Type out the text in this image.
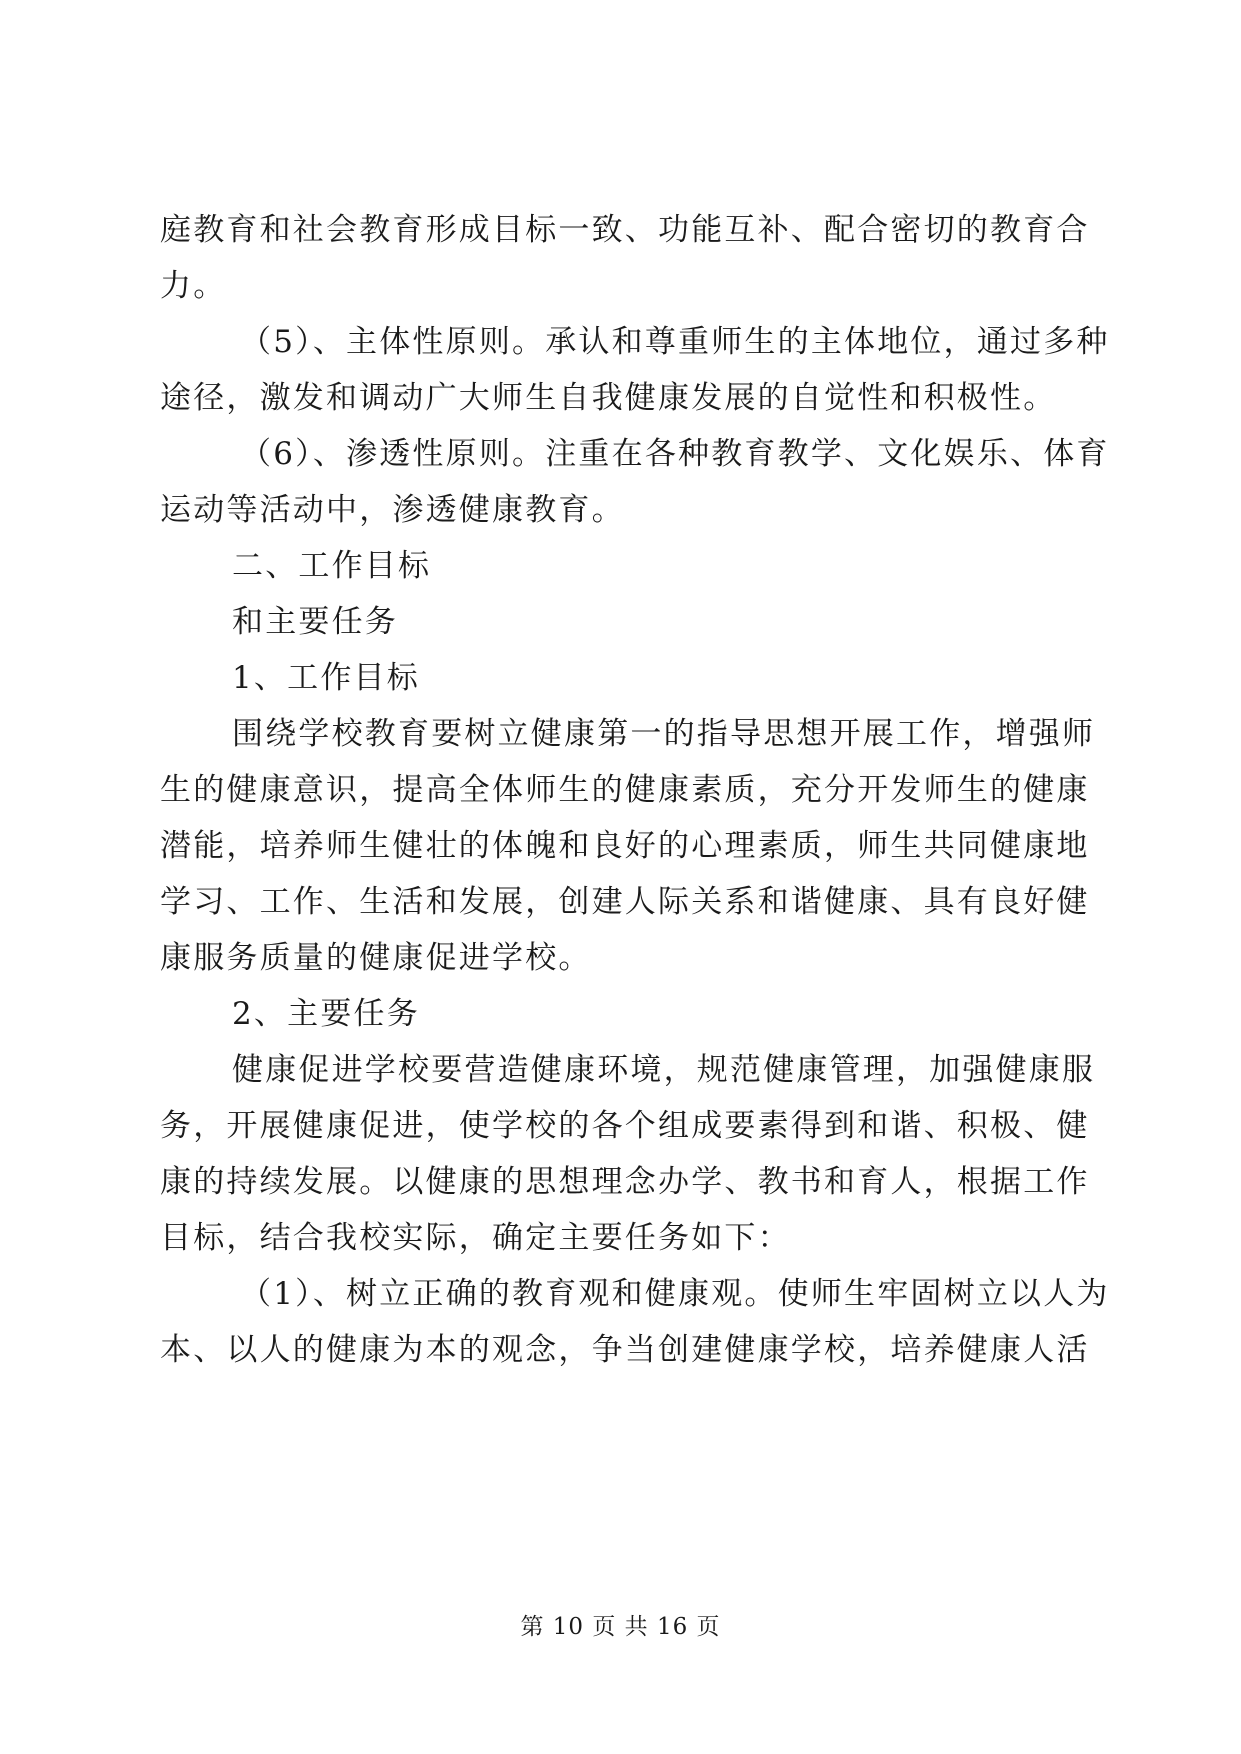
庭教育和社会教育形成目标一致、功能互补、配合密切的教育合
力。
（5）、主体性原则。承认和尊重师生的主体地位，通过多种
途径，激发和调动广大师生自我健康发展的自觉性和积极性。
（6）、渗透性原则。注重在各种教育教学、文化娱乐、体育
运动等活动中，渗透健康教育。
二、工作目标
和主要任务
1、工作目标
围绕学校教育要树立健康第一的指导思想开展工作，增强师
生的健康意识，提高全体师生的健康素质，充分开发师生的健康
潜能，培养师生健壮的体魄和良好的心理素质，师生共同健康地
学习、工作、生活和发展，创建人际关系和谐健康、具有良好健
康服务质量的健康促进学校。
2、主要任务
健康促进学校要营造健康环境，规范健康管理，加强健康服
务，开展健康促进，使学校的各个组成要素得到和谐、积极、健
康的持续发展。以健康的思想理念办学、教书和育人，根据工作
目标，结合我校实际，确定主要任务如下：
（1）、树立正确的教育观和健康观。使师生牢固树立以人为
本、以人的健康为本的观念，争当创建健康学校，培养健康人活
第 10 页 共 16 页
